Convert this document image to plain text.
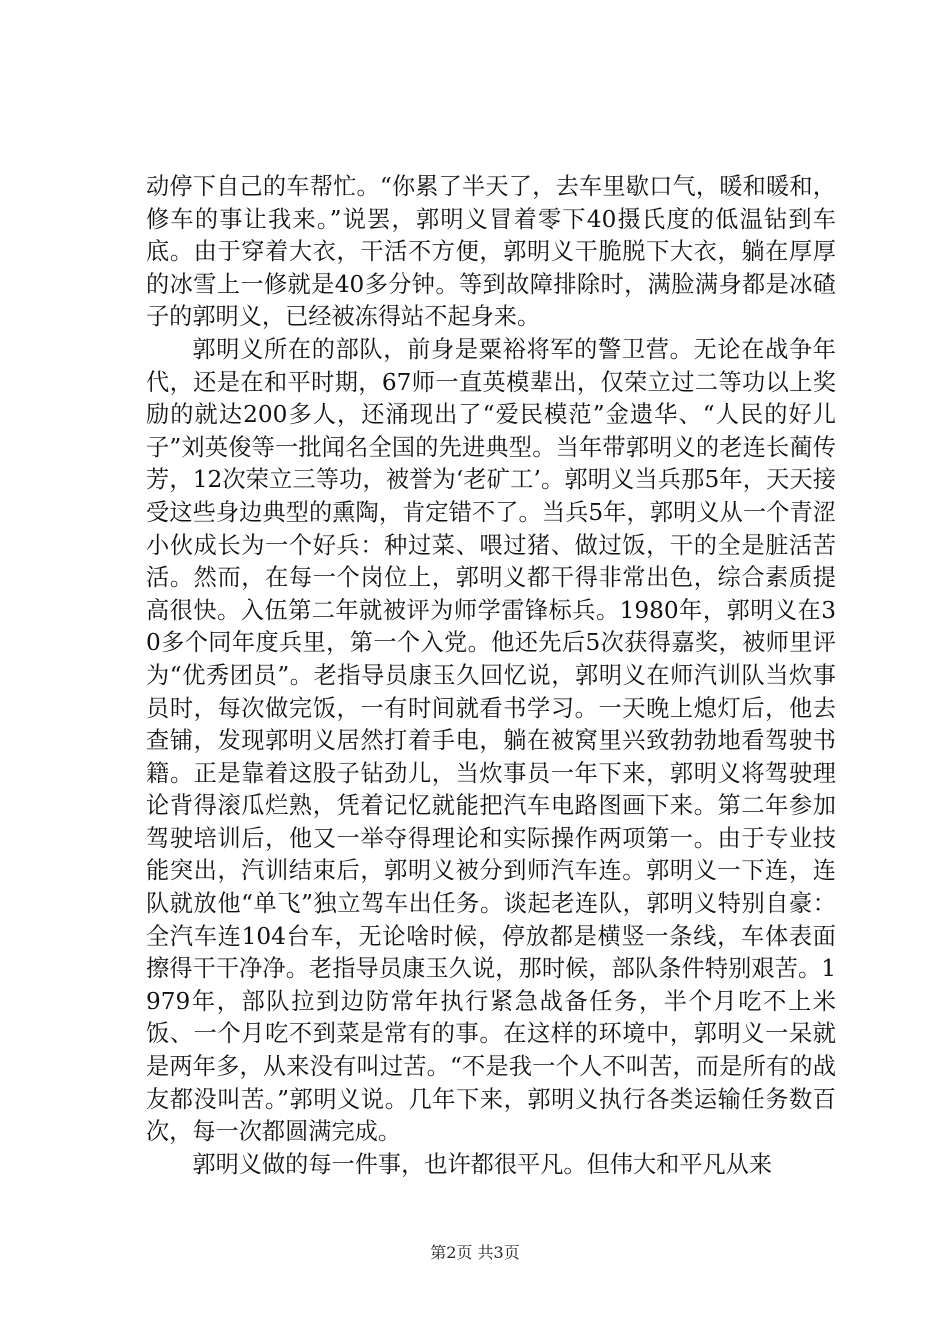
动停下自己的车帮忙。“你累了半天了，去车里歇口气，暖和暖和，修车的事让我来。”说罢，郭明义冒着零下40摄氏度的低温钻到车底。由于穿着大衣，干活不方便，郭明义干脆脱下大衣，躺在厚厚的冰雪上一修就是40多分钟。等到故障排除时，满脸满身都是冰碴子的郭明义，已经被冻得站不起身来。

郭明义所在的部队，前身是粟裕将军的警卫营。无论在战争年代，还是在和平时期，67师一直英模辈出，仅荣立过二等功以上奖励的就达200多人，还涌现出了“爱民模范”金遗华、“人民的好儿子”刘英俊等一批闻名全国的先进典型。当年带郭明义的老连长蔺传芳，12次荣立三等功，被誉为‘老矿工’。郭明义当兵那5年，天天接受这些身边典型的熏陶，肯定错不了。当兵5年，郭明义从一个青涩小伙成长为一个好兵：种过菜、喂过猪、做过饭，干的全是脏活苦活。然而，在每一个岗位上，郭明义都干得非常出色，综合素质提高很快。入伍第二年就被评为师学雷锋标兵。1980年，郭明义在30多个同年度兵里，第一个入党。他还先后5次获得嘉奖，被师里评为“优秀团员”。老指导员康玉久回忆说，郭明义在师汽训队当炊事员时，每次做完饭，一有时间就看书学习。一天晚上熄灯后，他去查铺，发现郭明义居然打着手电，躺在被窝里兴致勃勃地看驾驶书籍。正是靠着这股子钻劲儿，当炊事员一年下来，郭明义将驾驶理论背得滚瓜烂熟，凭着记忆就能把汽车电路图画下来。第二年参加驾驶培训后，他又一举夺得理论和实际操作两项第一。由于专业技能突出，汽训结束后，郭明义被分到师汽车连。郭明义一下连，连队就放他“单飞”独立驾车出任务。谈起老连队，郭明义特别自豪：全汽车连104台车，无论啥时候，停放都是横竖一条线，车体表面擦得干干净净。老指导员康玉久说，那时候，部队条件特别艰苦。1979年，部队拉到边防常年执行紧急战备任务，半个月吃不上米饭、一个月吃不到菜是常有的事。在这样的环境中，郭明义一呆就是两年多，从来没有叫过苦。“不是我一个人不叫苦，而是所有的战友都没叫苦。”郭明义说。几年下来，郭明义执行各类运输任务数百次，每一次都圆满完成。

郭明义做的每一件事，也许都很平凡。但伟大和平凡从来

第2页 共3页
